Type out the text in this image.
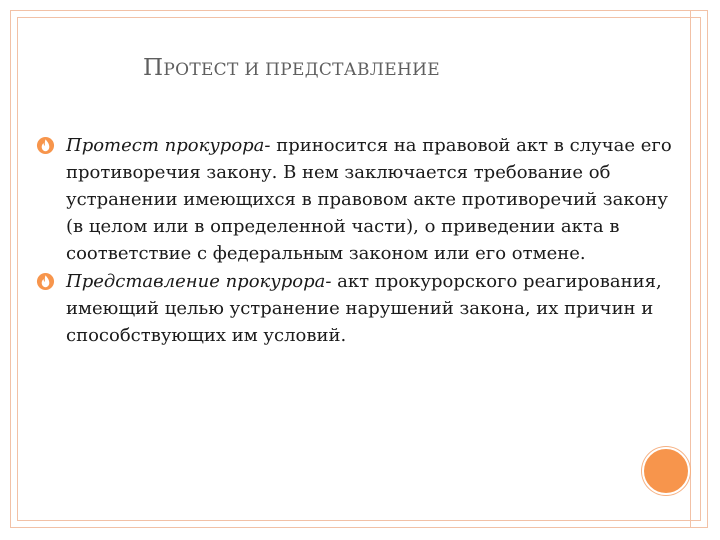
ПРОТЕСТ И ПРЕДСТАВЛЕНИЕ
Протест прокурора- приносится на правовой акт в случае его противоречия закону. В нем заключается требование об устранении имеющихся в правовом акте противоречий закону (в целом или в определенной части), о приведении акта в соответствие с федеральным законом или его отмене.
Представление прокурора- акт прокурорского реагирования, имеющий целью устранение нарушений закона, их причин и способствующих им условий.
